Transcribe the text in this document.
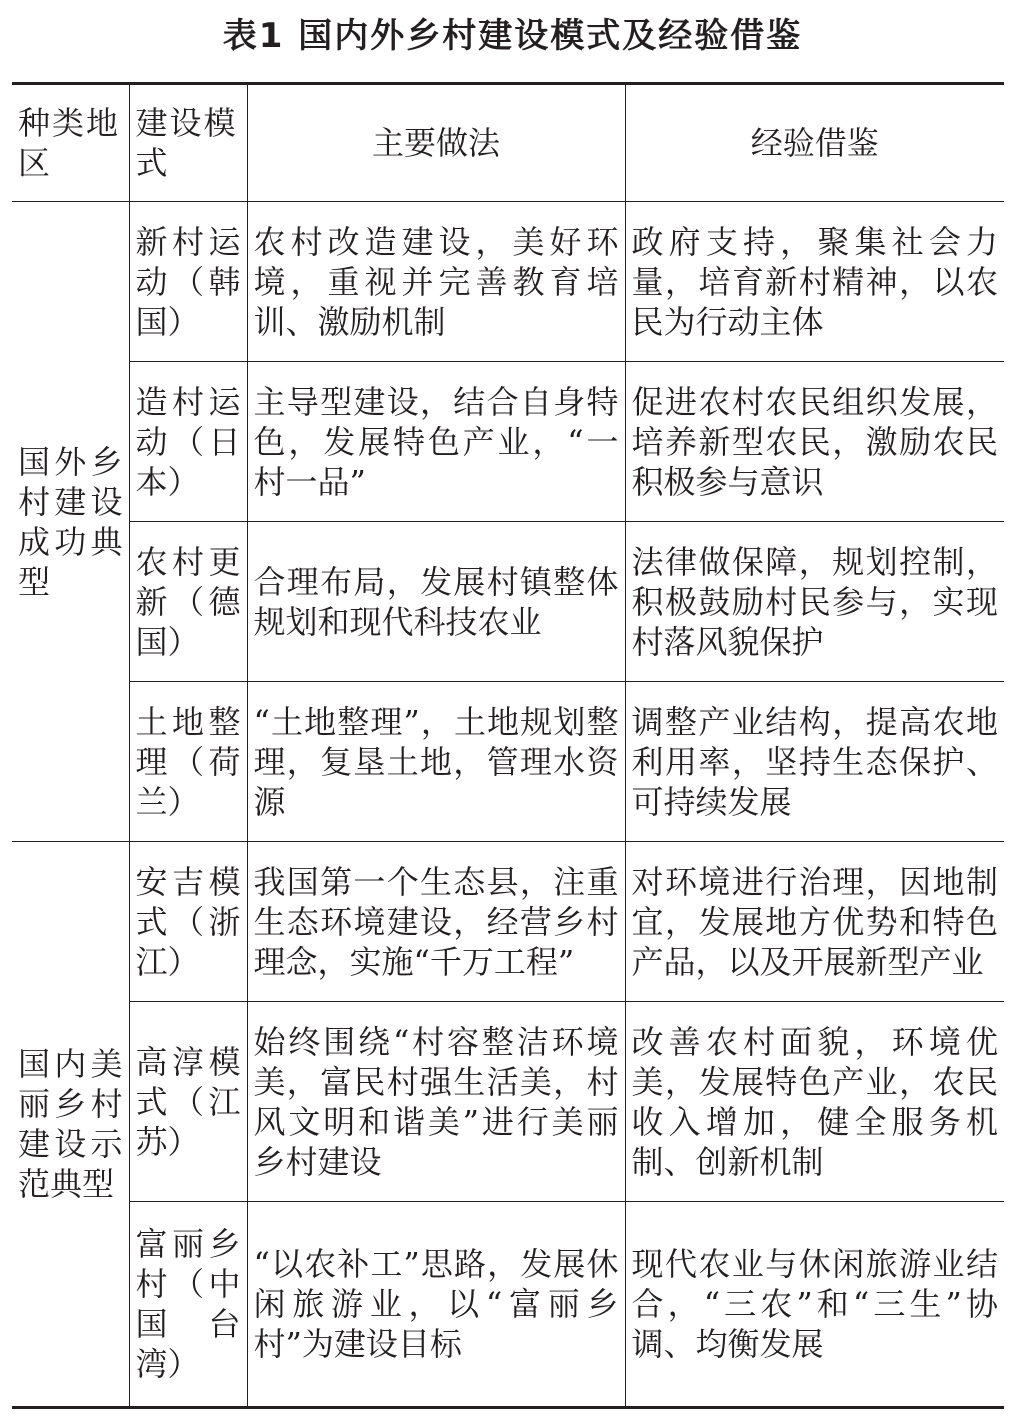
表1 国内外乡村建设模式及经验借鉴
种类地区	建设模式	主要做法	经验借鉴
国外乡村建设成功典型	新村运动（韩国）	农村改造建设，美好环境，重视并完善教育培训、激励机制	政府支持，聚集社会力量，培育新村精神，以农民为行动主体
	造村运动（日本）	主导型建设，结合自身特色，发展特色产业，“一村一品”	促进农村农民组织发展，培养新型农民，激励农民积极参与意识
	农村更新（德国）	合理布局，发展村镇整体规划和现代科技农业	法律做保障，规划控制，积极鼓励村民参与，实现村落风貌保护
	土地整理（荷兰）	“土地整理”，土地规划整理，复垦土地，管理水资源	调整产业结构，提高农地利用率，坚持生态保护、可持续发展
国内美丽乡村建设示范典型	安吉模式（浙江）	我国第一个生态县，注重生态环境建设，经营乡村理念，实施“千万工程”	对环境进行治理，因地制宜，发展地方优势和特色产品，以及开展新型产业
	高淳模式（江苏）	始终围绕“村容整洁环境美，富民村强生活美，村风文明和谐美”进行美丽乡村建设	改善农村面貌，环境优美，发展特色产业，农民收入增加，健全服务机制、创新机制
	富丽乡村（中国台湾）	“以农补工”思路，发展休闲旅游业，以“富丽乡村”为建设目标	现代农业与休闲旅游业结合，“三农”和“三生”协调、均衡发展
